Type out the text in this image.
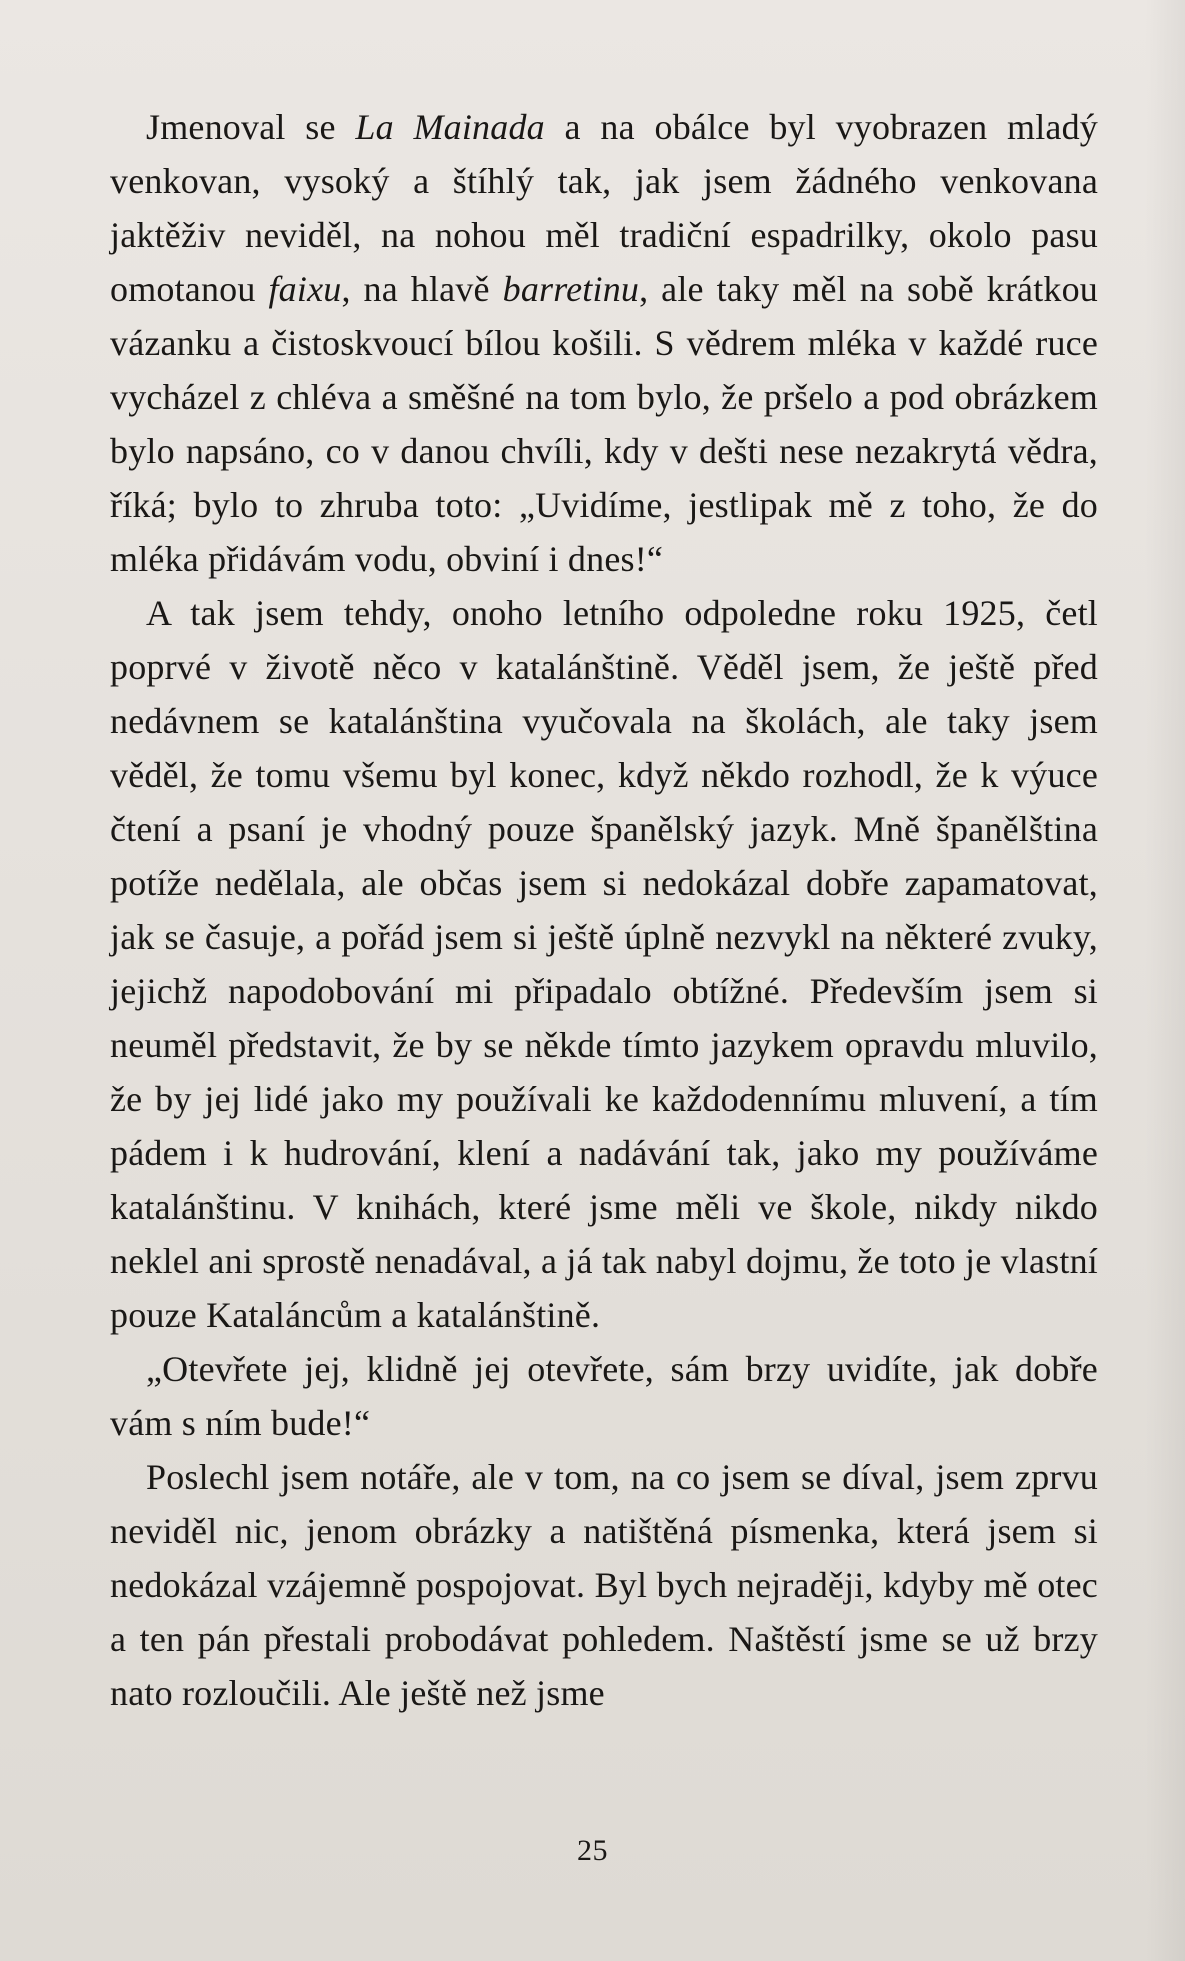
Jmenoval se La Mainada a na obálce byl vyobrazen mladý venkovan, vysoký a štíhlý tak, jak jsem žádného venkovana jaktěživ neviděl, na nohou měl tradiční espadrilky, okolo pasu omotanou faixu, na hlavě barretinu, ale taky měl na sobě krátkou vázanku a čistoskvoucí bílou košili. S vědrem mléka v každé ruce vycházel z chléva a směšné na tom bylo, že pršelo a pod obrázkem bylo napsáno, co v danou chvíli, kdy v dešti nese nezakrytá vědra, říká; bylo to zhruba toto: „Uvidíme, jestlipak mě z toho, že do mléka přidávám vodu, obviní i dnes!“

A tak jsem tehdy, onoho letního odpoledne roku 1925, četl poprvé v životě něco v katalánštině. Věděl jsem, že ještě před nedávnem se katalánština vyučovala na školách, ale taky jsem věděl, že tomu všemu byl konec, když někdo rozhodl, že k výuce čtení a psaní je vhodný pouze španělský jazyk. Mně španělština potíže nedělala, ale občas jsem si nedokázal dobře zapamatovat, jak se časuje, a pořád jsem si ještě úplně nezvykl na některé zvuky, jejichž napodobování mi připadalo obtížné. Především jsem si neuměl představit, že by se někde tímto jazykem opravdu mluvilo, že by jej lidé jako my používali ke každodennímu mluvení, a tím pádem i k hudrování, klení a nadávání tak, jako my používáme katalánštinu. V knihách, které jsme měli ve škole, nikdy nikdo neklel ani sprostě nenadával, a já tak nabyl dojmu, že toto je vlastní pouze Kataláncům a katalánštině.

„Otevřete jej, klidně jej otevřete, sám brzy uvidíte, jak dobře vám s ním bude!“

Poslechl jsem notáře, ale v tom, na co jsem se díval, jsem zprvu neviděl nic, jenom obrázky a natištěná písmenka, která jsem si nedokázal vzájemně pospojovat. Byl bych nejraději, kdyby mě otec a ten pán přestali probodávat pohledem. Naštěstí jsme se už brzy nato rozloučili. Ale ještě než jsme

25
